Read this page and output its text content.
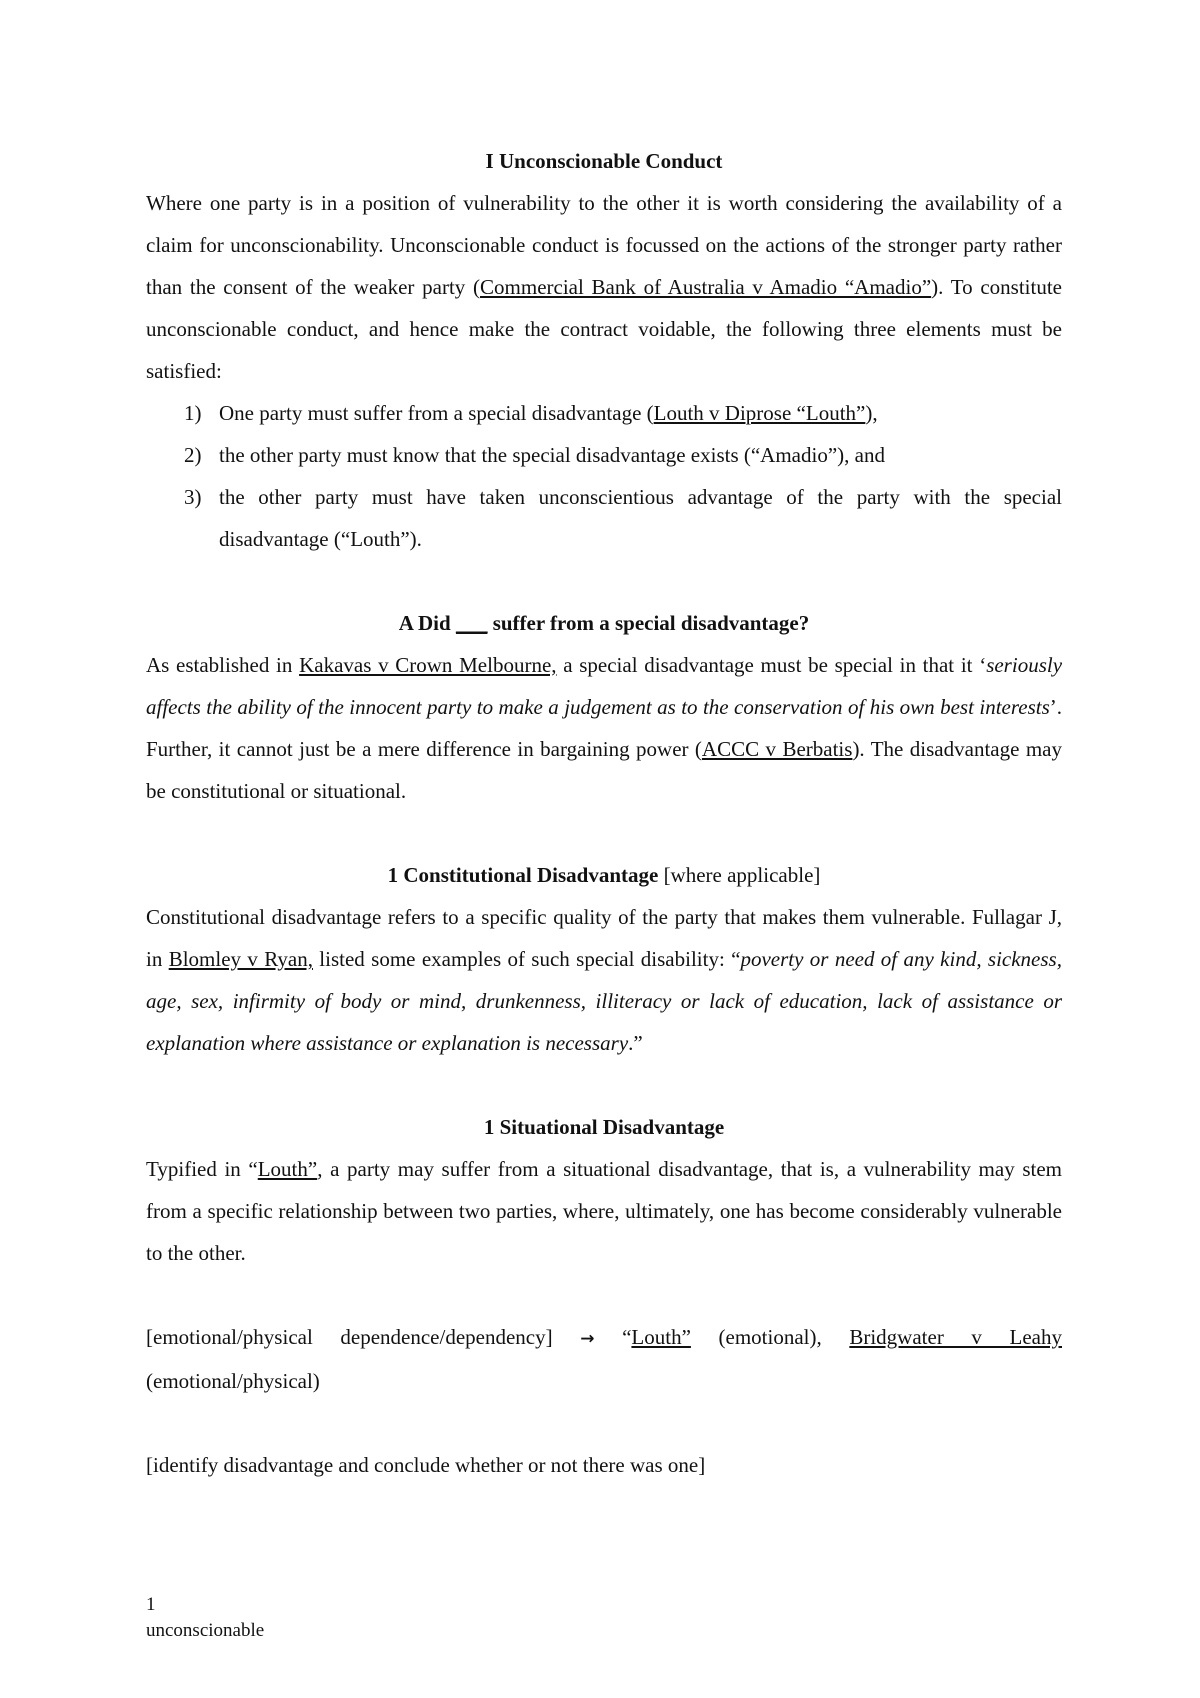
I Unconscionable Conduct

Where one party is in a position of vulnerability to the other it is worth considering the availability of a claim for unconscionability. Unconscionable conduct is focussed on the actions of the stronger party rather than the consent of the weaker party (Commercial Bank of Australia v Amadio “Amadio”). To constitute unconscionable conduct, and hence make the contract voidable, the following three elements must be satisfied:

1) One party must suffer from a special disadvantage (Louth v Diprose “Louth”),
2) the other party must know that the special disadvantage exists (“Amadio”), and
3) the other party must have taken unconscientious advantage of the party with the special disadvantage (“Louth”).

A Did ___ suffer from a special disadvantage?

As established in Kakavas v Crown Melbourne, a special disadvantage must be special in that it ‘seriously affects the ability of the innocent party to make a judgement as to the conservation of his own best interests’. Further, it cannot just be a mere difference in bargaining power (ACCC v Berbatis). The disadvantage may be constitutional or situational.

1 Constitutional Disadvantage [where applicable]

Constitutional disadvantage refers to a specific quality of the party that makes them vulnerable. Fullagar J, in Blomley v Ryan, listed some examples of such special disability: “poverty or need of any kind, sickness, age, sex, infirmity of body or mind, drunkenness, illiteracy or lack of education, lack of assistance or explanation where assistance or explanation is necessary.”

1 Situational Disadvantage

Typified in “Louth”, a party may suffer from a situational disadvantage, that is, a vulnerability may stem from a specific relationship between two parties, where, ultimately, one has become considerably vulnerable to the other.

[emotional/physical dependence/dependency] → “Louth” (emotional), Bridgwater v Leahy (emotional/physical)

[identify disadvantage and conclude whether or not there was one]

1
unconscionable
